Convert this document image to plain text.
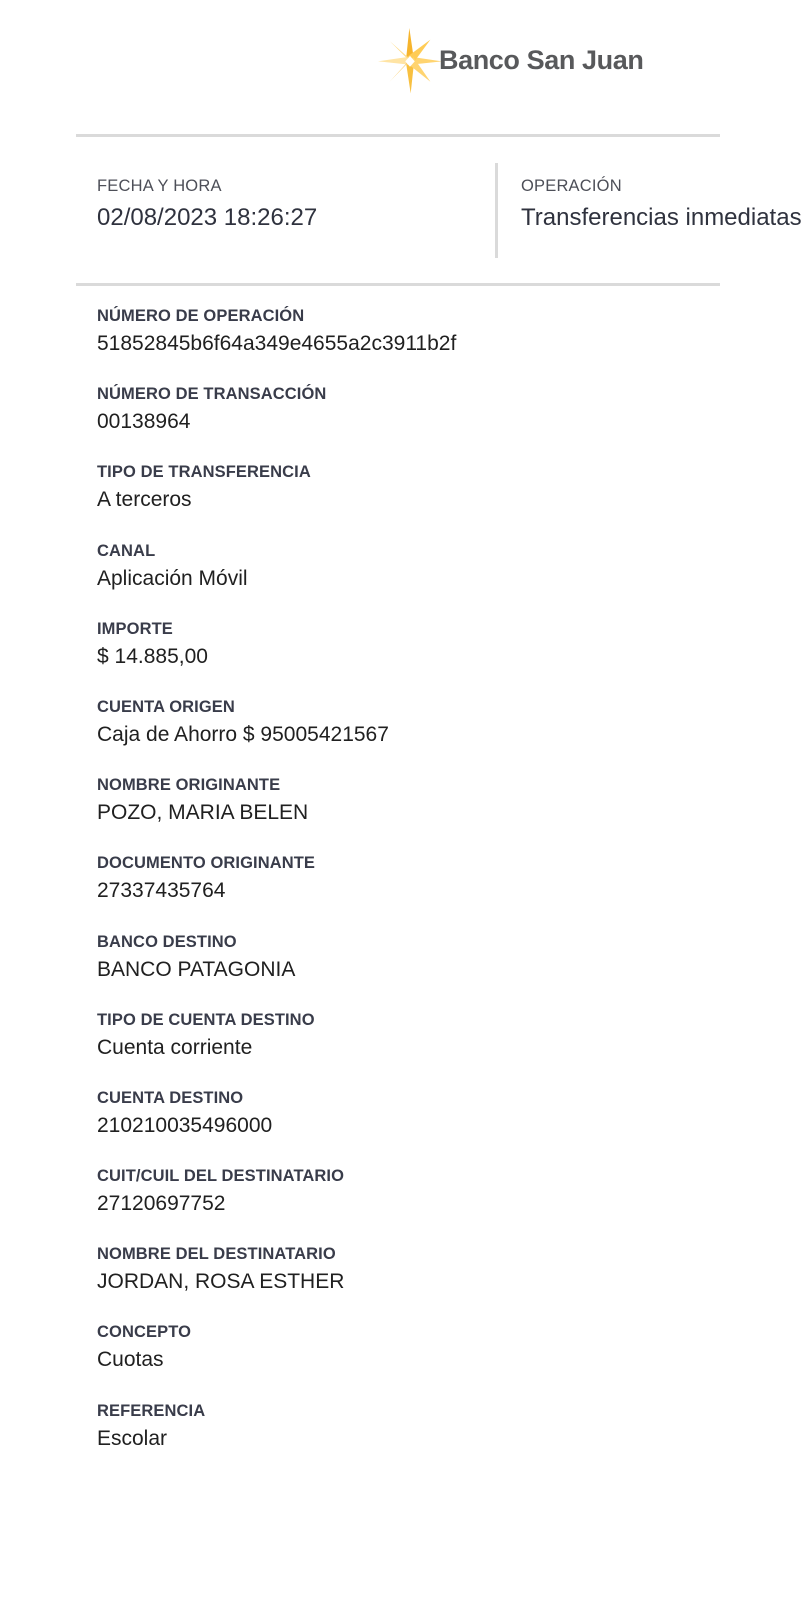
Banco San Juan
FECHA Y HORA
02/08/2023 18:26:27
OPERACIÓN
Transferencias inmediatas
NÚMERO DE OPERACIÓN
51852845b6f64a349e4655a2c3911b2f
NÚMERO DE TRANSACCIÓN
00138964
TIPO DE TRANSFERENCIA
A terceros
CANAL
Aplicación Móvil
IMPORTE
$ 14.885,00
CUENTA ORIGEN
Caja de Ahorro $ 95005421567
NOMBRE ORIGINANTE
POZO, MARIA BELEN
DOCUMENTO ORIGINANTE
27337435764
BANCO DESTINO
BANCO PATAGONIA
TIPO DE CUENTA DESTINO
Cuenta corriente
CUENTA DESTINO
210210035496000
CUIT/CUIL DEL DESTINATARIO
27120697752
NOMBRE DEL DESTINATARIO
JORDAN, ROSA ESTHER
CONCEPTO
Cuotas
REFERENCIA
Escolar
